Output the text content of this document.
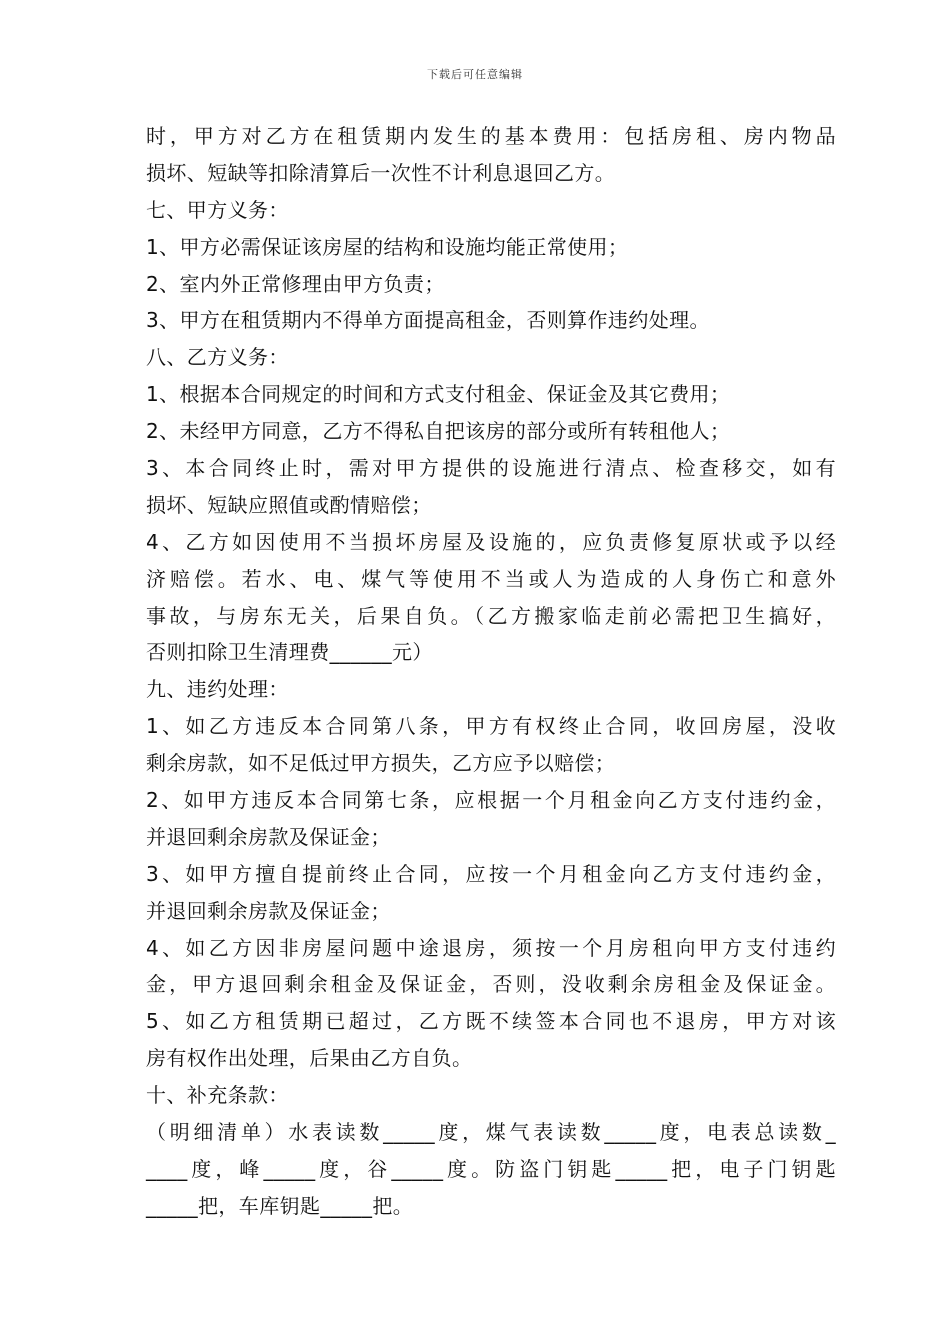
下载后可任意编辑
时，甲方对乙方在租赁期内发生的基本费用：包括房租、房内物品
损坏、短缺等扣除清算后一次性不计利息退回乙方。
七、甲方义务：
1、甲方必需保证该房屋的结构和设施均能正常使用；
2、室内外正常修理由甲方负责；
3、甲方在租赁期内不得单方面提高租金，否则算作违约处理。
八、乙方义务：
1、根据本合同规定的时间和方式支付租金、保证金及其它费用；
2、未经甲方同意，乙方不得私自把该房的部分或所有转租他人；
3、本合同终止时，需对甲方提供的设施进行清点、检查移交，如有
损坏、短缺应照值或酌情赔偿；
4、乙方如因使用不当损坏房屋及设施的，应负责修复原状或予以经
济赔偿。若水、电、煤气等使用不当或人为造成的人身伤亡和意外
事故，与房东无关，后果自负。（乙方搬家临走前必需把卫生搞好，
否则扣除卫生清理费______元）
九、违约处理：
1、如乙方违反本合同第八条，甲方有权终止合同，收回房屋，没收
剩余房款，如不足低过甲方损失，乙方应予以赔偿；
2、如甲方违反本合同第七条，应根据一个月租金向乙方支付违约金，
并退回剩余房款及保证金；
3、如甲方擅自提前终止合同，应按一个月租金向乙方支付违约金，
并退回剩余房款及保证金；
4、如乙方因非房屋问题中途退房，须按一个月房租向甲方支付违约
金，甲方退回剩余租金及保证金，否则，没收剩余房租金及保证金。
5、如乙方租赁期已超过，乙方既不续签本合同也不退房，甲方对该
房有权作出处理，后果由乙方自负。
十、补充条款：
（明细清单）水表读数_____度，煤气表读数_____度，电表总读数_
____度，峰_____度，谷_____度。防盗门钥匙_____把，电子门钥匙
_____把，车库钥匙_____把。
